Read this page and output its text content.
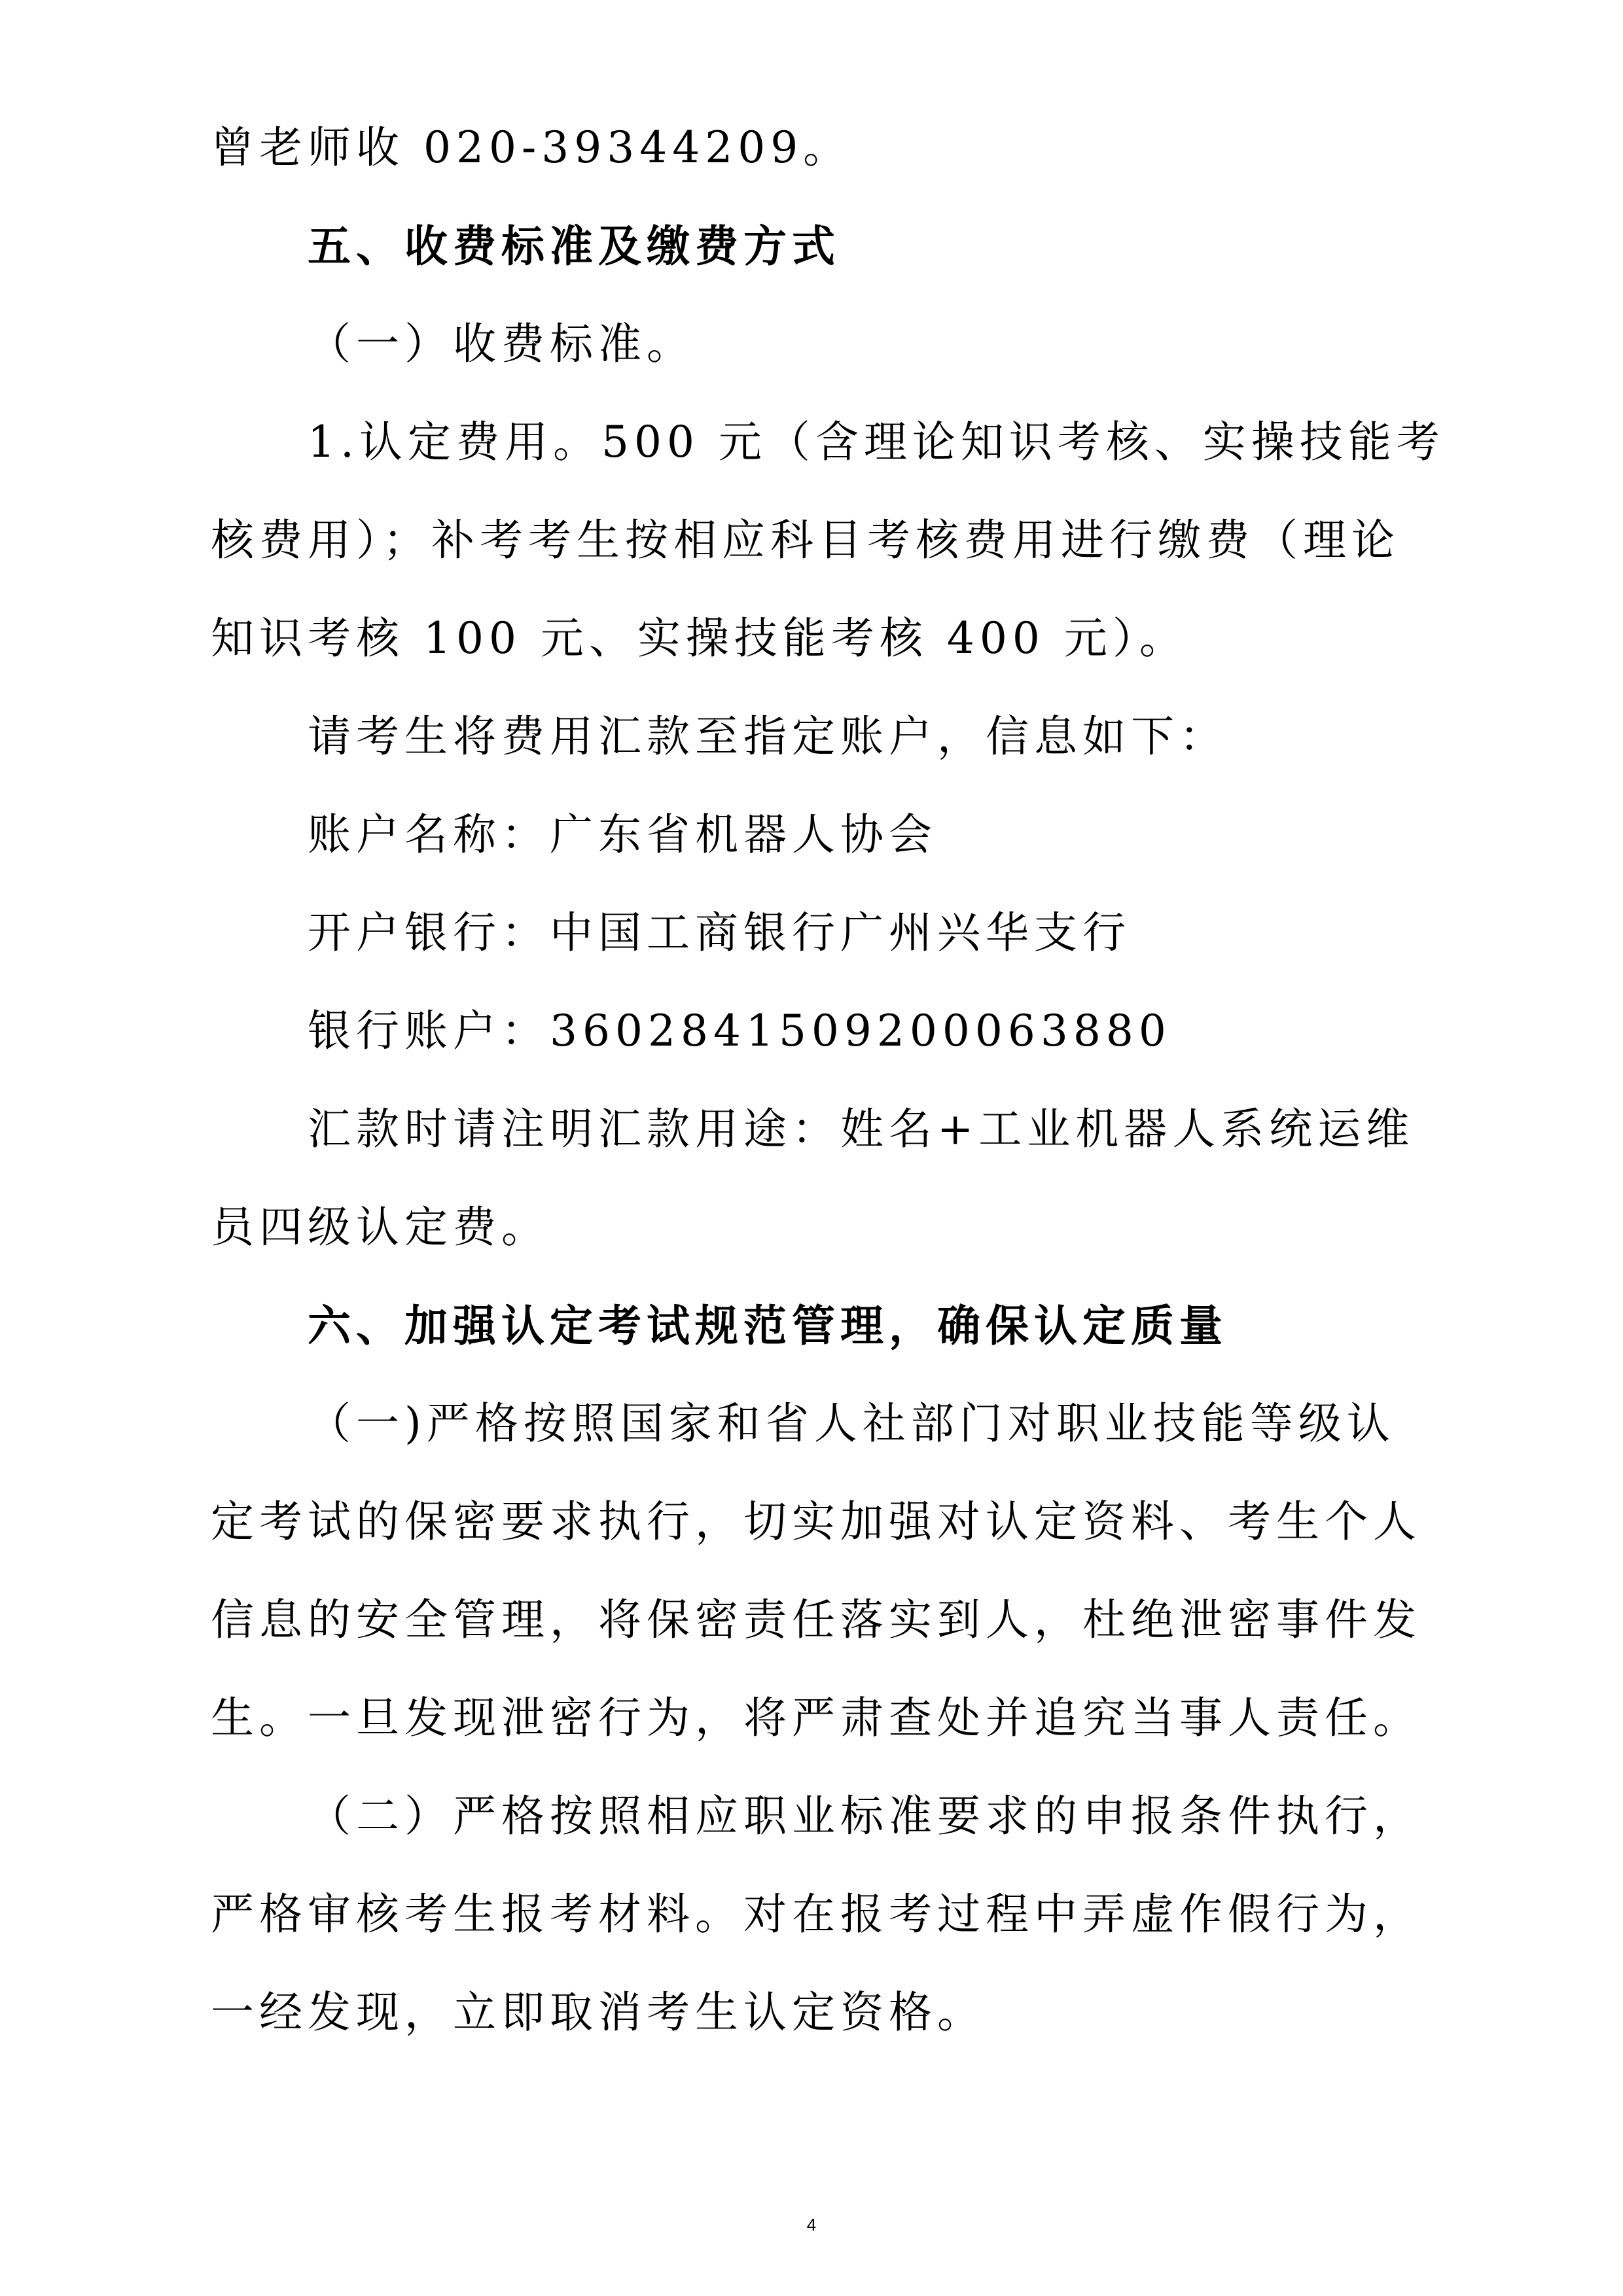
曾老师收 020-39344209。
五、收费标准及缴费方式
（一）收费标准。
1.认定费用。500 元（含理论知识考核、实操技能考
核费用）；补考考生按相应科目考核费用进行缴费（理论
知识考核 100 元、实操技能考核 400 元）。
请考生将费用汇款至指定账户，信息如下：
账户名称：广东省机器人协会
开户银行：中国工商银行广州兴华支行
银行账户：3602841509200063880
汇款时请注明汇款用途：姓名+工业机器人系统运维
员四级认定费。
六、加强认定考试规范管理，确保认定质量
（一)严格按照国家和省人社部门对职业技能等级认
定考试的保密要求执行，切实加强对认定资料、考生个人
信息的安全管理，将保密责任落实到人，杜绝泄密事件发
生。一旦发现泄密行为，将严肃查处并追究当事人责任。
（二）严格按照相应职业标准要求的申报条件执行，
严格审核考生报考材料。对在报考过程中弄虚作假行为，
一经发现，立即取消考生认定资格。
4
